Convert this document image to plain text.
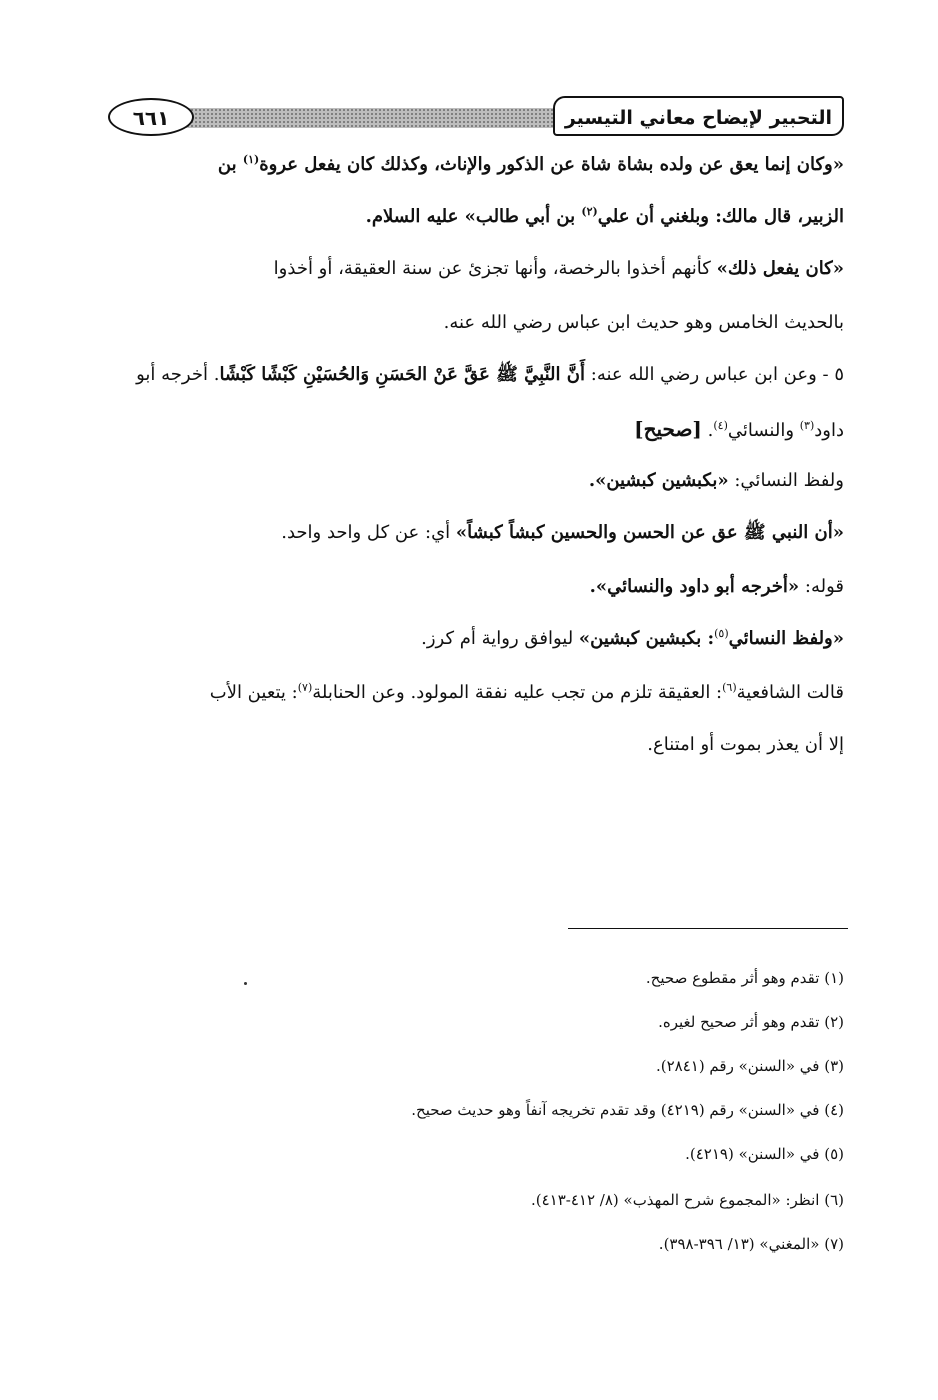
التحبير لإيضاح معاني التيسير
٦٦١
«وكان إنما يعق عن ولده بشاة شاة عن الذكور والإناث، وكذلك كان يفعل عروة$^{(١)}$ بن
الزبير، قال مالك: وبلغني أن علي$^{(٢)}$ بن أبي طالب» عليه السلام.
«كان يفعل ذلك» كأنهم أخذوا بالرخصة، وأنها تجزئ عن سنة العقيقة، أو أخذوا
بالحديث الخامس وهو حديث ابن عباس رضي الله عنه.
٥ - وعن ابن عباس رضي الله عنه: أَنَّ النَّبِيَّ ﷺ عَقَّ عَنْ الحَسَنِ وَالحُسَيْنِ كَبْشًا كَبْشًا. أخرجه أبو
داود$^{(٣)}$ والنسائي$^{(٤)}$. [صحيح]
ولفظ النسائي: «بكبشين كبشين».
«أن النبي ﷺ عق عن الحسن والحسين كبشاً كبشاً» أي: عن كل واحد واحد.
قوله: «أخرجه أبو داود والنسائي».
«ولفظ النسائي$^{(٥)}$: بكبشين كبشين» ليوافق رواية أم كرز.
قالت الشافعية$^{(٦)}$: العقيقة تلزم من تجب عليه نفقة المولود. وعن الحنابلة$^{(٧)}$: يتعين الأب
إلا أن يعذر بموت أو امتناع.
(١) تقدم وهو أثر مقطوع صحيح.
(٢) تقدم وهو أثر صحيح لغيره.
(٣) في «السنن» رقم (٢٨٤١).
(٤) في «السنن» رقم (٤٢١٩) وقد تقدم تخريجه آنفاً وهو حديث صحيح.
(٥) في «السنن» (٤٢١٩).
(٦) انظر: «المجموع شرح المهذب» (٨/ ٤١٢-٤١٣).
(٧) «المغني» (١٣/ ٣٩٦-٣٩٨).
